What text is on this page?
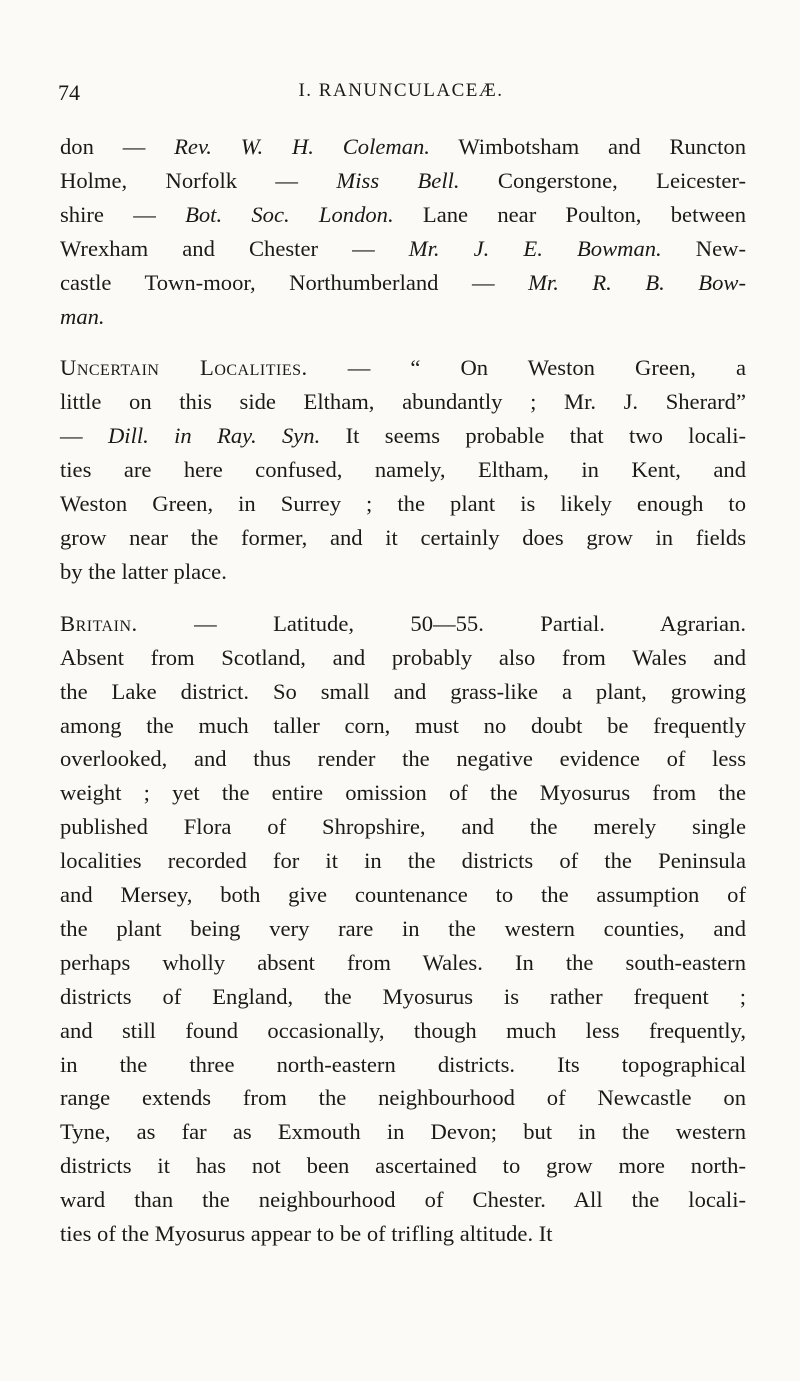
74	I. RANUNCULACEÆ.

don — Rev. W. H. Coleman. Wimbotsham and Runcton
Holme, Norfolk — Miss Bell. Congerstone, Leicester-
shire — Bot. Soc. London. Lane near Poulton, between
Wrexham and Chester — Mr. J. E. Bowman. New-
castle Town-moor, Northumberland — Mr. R. B. Bow-
man.

Uncertain Localities. — “ On Weston Green, a
little on this side Eltham, abundantly ; Mr. J. Sherard”
— Dill. in Ray. Syn. It seems probable that two locali-
ties are here confused, namely, Eltham, in Kent, and
Weston Green, in Surrey ; the plant is likely enough to
grow near the former, and it certainly does grow in fields
by the latter place.

Britain. — Latitude, 50—55. Partial. Agrarian.
Absent from Scotland, and probably also from Wales and
the Lake district. So small and grass-like a plant, growing
among the much taller corn, must no doubt be frequently
overlooked, and thus render the negative evidence of less
weight ; yet the entire omission of the Myosurus from the
published Flora of Shropshire, and the merely single
localities recorded for it in the districts of the Peninsula
and Mersey, both give countenance to the assumption of
the plant being very rare in the western counties, and
perhaps wholly absent from Wales. In the south-eastern
districts of England, the Myosurus is rather frequent ;
and still found occasionally, though much less frequently,
in the three north-eastern districts. Its topographical
range extends from the neighbourhood of Newcastle on
Tyne, as far as Exmouth in Devon; but in the western
districts it has not been ascertained to grow more north-
ward than the neighbourhood of Chester. All the locali-
ties of the Myosurus appear to be of trifling altitude. It
